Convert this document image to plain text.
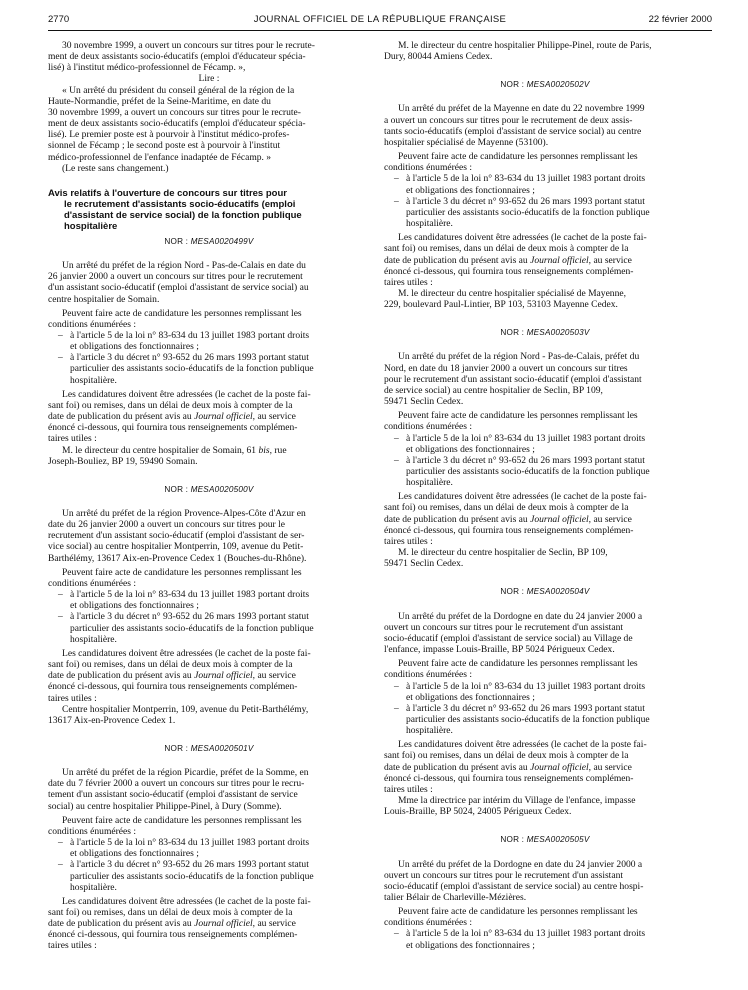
2770	JOURNAL OFFICIEL DE LA RÉPUBLIQUE FRANÇAISE	22 février 2000

30 novembre 1999, a ouvert un concours sur titres pour le recrute-
ment de deux assistants socio-éducatifs (emploi d'éducateur spécia-
lisé) à l'institut médico-professionnel de Fécamp. »,

Lire :

« Un arrêté du président du conseil général de la région de la
Haute-Normandie, préfet de la Seine-Maritime, en date du
30 novembre 1999, a ouvert un concours sur titres pour le recrute-
ment de deux assistants socio-éducatifs (emploi d'éducateur spécia-
lisé). Le premier poste est à pourvoir à l'institut médico-profes-
sionnel de Fécamp ; le second poste est à pourvoir à l'institut
médico-professionnel de l'enfance inadaptée de Fécamp. »

(Le reste sans changement.)

Avis relatifs à l'ouverture de concours sur titres pour
le recrutement d'assistants socio-éducatifs (emploi
d'assistant de service social) de la fonction publique
hospitalière

NOR : MESA0020499V

Un arrêté du préfet de la région Nord - Pas-de-Calais en date du
26 janvier 2000 a ouvert un concours sur titres pour le recrutement
d'un assistant socio-éducatif (emploi d'assistant de service social) au
centre hospitalier de Somain.

Peuvent faire acte de candidature les personnes remplissant les
conditions énumérées :

– à l'article 5 de la loi n° 83-634 du 13 juillet 1983 portant droits
et obligations des fonctionnaires ;

– à l'article 3 du décret n° 93-652 du 26 mars 1993 portant statut
particulier des assistants socio-éducatifs de la fonction publique
hospitalière.

Les candidatures doivent être adressées (le cachet de la poste fai-
sant foi) ou remises, dans un délai de deux mois à compter de la
date de publication du présent avis au Journal officiel, au service
énoncé ci-dessous, qui fournira tous renseignements complémen-
taires utiles :

M. le directeur du centre hospitalier de Somain, 61 bis, rue
Joseph-Bouliez, BP 19, 59490 Somain.

NOR : MESA0020500V

Un arrêté du préfet de la région Provence-Alpes-Côte d'Azur en
date du 26 janvier 2000 a ouvert un concours sur titres pour le
recrutement d'un assistant socio-éducatif (emploi d'assistant de ser-
vice social) au centre hospitalier Montperrin, 109, avenue du Petit-
Barthélémy, 13617 Aix-en-Provence Cedex 1 (Bouches-du-Rhône).

Peuvent faire acte de candidature les personnes remplissant les
conditions énumérées :

– à l'article 5 de la loi n° 83-634 du 13 juillet 1983 portant droits
et obligations des fonctionnaires ;

– à l'article 3 du décret n° 93-652 du 26 mars 1993 portant statut
particulier des assistants socio-éducatifs de la fonction publique
hospitalière.

Les candidatures doivent être adressées (le cachet de la poste fai-
sant foi) ou remises, dans un délai de deux mois à compter de la
date de publication du présent avis au Journal officiel, au service
énoncé ci-dessous, qui fournira tous renseignements complémen-
taires utiles :

Centre hospitalier Montperrin, 109, avenue du Petit-Barthélémy,
13617 Aix-en-Provence Cedex 1.

NOR : MESA0020501V

Un arrêté du préfet de la région Picardie, préfet de la Somme, en
date du 7 février 2000 a ouvert un concours sur titres pour le recru-
tement d'un assistant socio-éducatif (emploi d'assistant de service
social) au centre hospitalier Philippe-Pinel, à Dury (Somme).

Peuvent faire acte de candidature les personnes remplissant les
conditions énumérées :

– à l'article 5 de la loi n° 83-634 du 13 juillet 1983 portant droits
et obligations des fonctionnaires ;

– à l'article 3 du décret n° 93-652 du 26 mars 1993 portant statut
particulier des assistants socio-éducatifs de la fonction publique
hospitalière.

Les candidatures doivent être adressées (le cachet de la poste fai-
sant foi) ou remises, dans un délai de deux mois à compter de la
date de publication du présent avis au Journal officiel, au service
énoncé ci-dessous, qui fournira tous renseignements complémen-
taires utiles :

M. le directeur du centre hospitalier Philippe-Pinel, route de Paris,
Dury, 80044 Amiens Cedex.

NOR : MESA0020502V

Un arrêté du préfet de la Mayenne en date du 22 novembre 1999
a ouvert un concours sur titres pour le recrutement de deux assis-
tants socio-éducatifs (emploi d'assistant de service social) au centre
hospitalier spécialisé de Mayenne (53100).

Peuvent faire acte de candidature les personnes remplissant les
conditions énumérées :

– à l'article 5 de la loi n° 83-634 du 13 juillet 1983 portant droits
et obligations des fonctionnaires ;

– à l'article 3 du décret n° 93-652 du 26 mars 1993 portant statut
particulier des assistants socio-éducatifs de la fonction publique
hospitalière.

Les candidatures doivent être adressées (le cachet de la poste fai-
sant foi) ou remises, dans un délai de deux mois à compter de la
date de publication du présent avis au Journal officiel, au service
énoncé ci-dessous, qui fournira tous renseignements complémen-
taires utiles :

M. le directeur du centre hospitalier spécialisé de Mayenne,
229, boulevard Paul-Lintier, BP 103, 53103 Mayenne Cedex.

NOR : MESA0020503V

Un arrêté du préfet de la région Nord - Pas-de-Calais, préfet du
Nord, en date du 18 janvier 2000 a ouvert un concours sur titres
pour le recrutement d'un assistant socio-éducatif (emploi d'assistant
de service social) au centre hospitalier de Seclin, BP 109,
59471 Seclin Cedex.

Peuvent faire acte de candidature les personnes remplissant les
conditions énumérées :

– à l'article 5 de la loi n° 83-634 du 13 juillet 1983 portant droits
et obligations des fonctionnaires ;

– à l'article 3 du décret n° 93-652 du 26 mars 1993 portant statut
particulier des assistants socio-éducatifs de la fonction publique
hospitalière.

Les candidatures doivent être adressées (le cachet de la poste fai-
sant foi) ou remises, dans un délai de deux mois à compter de la
date de publication du présent avis au Journal officiel, au service
énoncé ci-dessous, qui fournira tous renseignements complémen-
taires utiles :

M. le directeur du centre hospitalier de Seclin, BP 109,
59471 Seclin Cedex.

NOR : MESA0020504V

Un arrêté du préfet de la Dordogne en date du 24 janvier 2000 a
ouvert un concours sur titres pour le recrutement d'un assistant
socio-éducatif (emploi d'assistant de service social) au Village de
l'enfance, impasse Louis-Braille, BP 5024 Périgueux Cedex.

Peuvent faire acte de candidature les personnes remplissant les
conditions énumérées :

– à l'article 5 de la loi n° 83-634 du 13 juillet 1983 portant droits
et obligations des fonctionnaires ;

– à l'article 3 du décret n° 93-652 du 26 mars 1993 portant statut
particulier des assistants socio-éducatifs de la fonction publique
hospitalière.

Les candidatures doivent être adressées (le cachet de la poste fai-
sant foi) ou remises, dans un délai de deux mois à compter de la
date de publication du présent avis au Journal officiel, au service
énoncé ci-dessous, qui fournira tous renseignements complémen-
taires utiles :

Mme la directrice par intérim du Village de l'enfance, impasse
Louis-Braille, BP 5024, 24005 Périgueux Cedex.

NOR : MESA0020505V

Un arrêté du préfet de la Dordogne en date du 24 janvier 2000 a
ouvert un concours sur titres pour le recrutement d'un assistant
socio-éducatif (emploi d'assistant de service social) au centre hospi-
talier Bélair de Charleville-Mézières.

Peuvent faire acte de candidature les personnes remplissant les
conditions énumérées :

– à l'article 5 de la loi n° 83-634 du 13 juillet 1983 portant droits
et obligations des fonctionnaires ;
